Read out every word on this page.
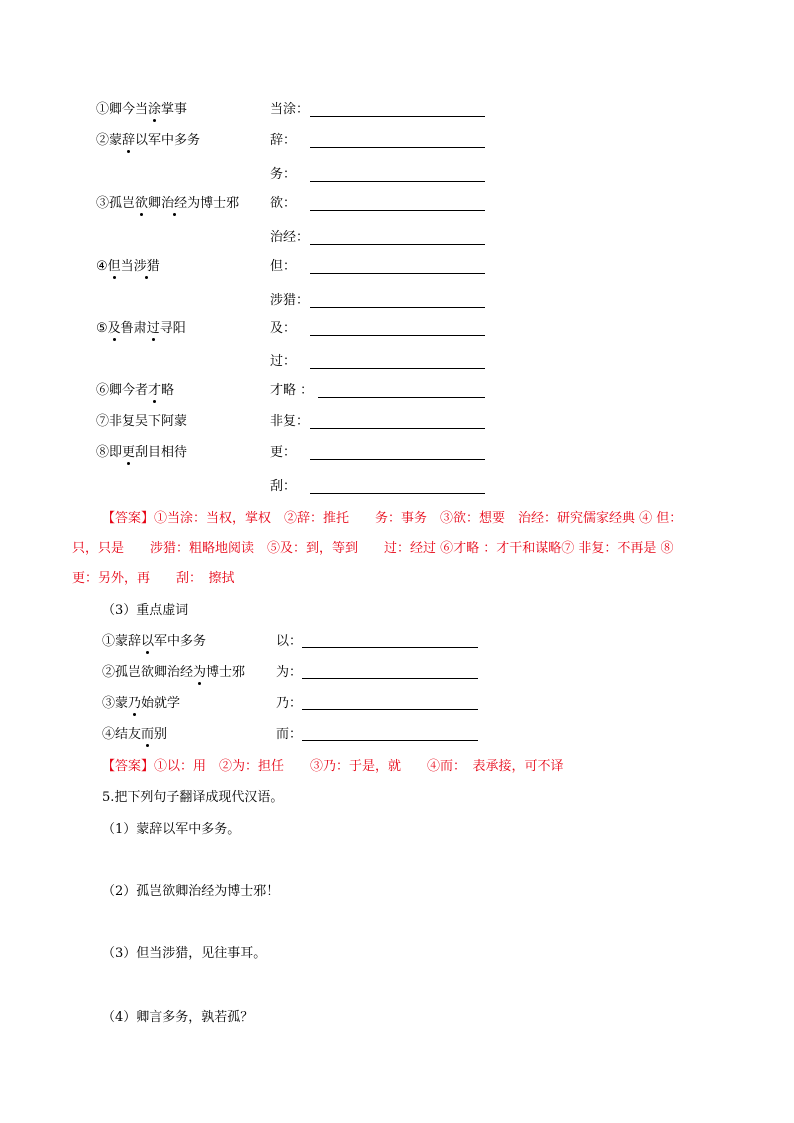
①卿今当涂掌事	当涂：
②蒙辞以军中多务	辞：
务：
③孤岂欲卿治经为博士邪 欲：
治经：
④但当涉猎	但：
涉猎：
⑤及鲁肃过寻阳	及：
过：
⑥卿今者才略	才略 ：
⑦非复吴下阿蒙	非复：
⑧即更刮目相待	更：
刮：
【答案】①当涂：当权，掌权　②辞：推托　　务：事务　③欲：想要　治经：研究儒家经典 ④ 但：
只，只是　　涉猎：粗略地阅读　⑤及：到，等到　　过：经过 ⑥才略 ：才干和谋略⑦ 非复：不再是 ⑧
更：另外，再　　刮：　擦拭
（3）重点虚词
①蒙辞以军中多务	以：
②孤岂欲卿治经为博士邪 为：
③蒙乃始就学	乃：
④结友而别	而：
【答案】①以：用　②为：担任　　③乃：于是，就　　④而：　表承接，可不译
5.把下列句子翻译成现代汉语。
（1）蒙辞以军中多务。
（2）孤岂欲卿治经为博士邪！
（3）但当涉猎，见往事耳。
（4）卿言多务，孰若孤？
